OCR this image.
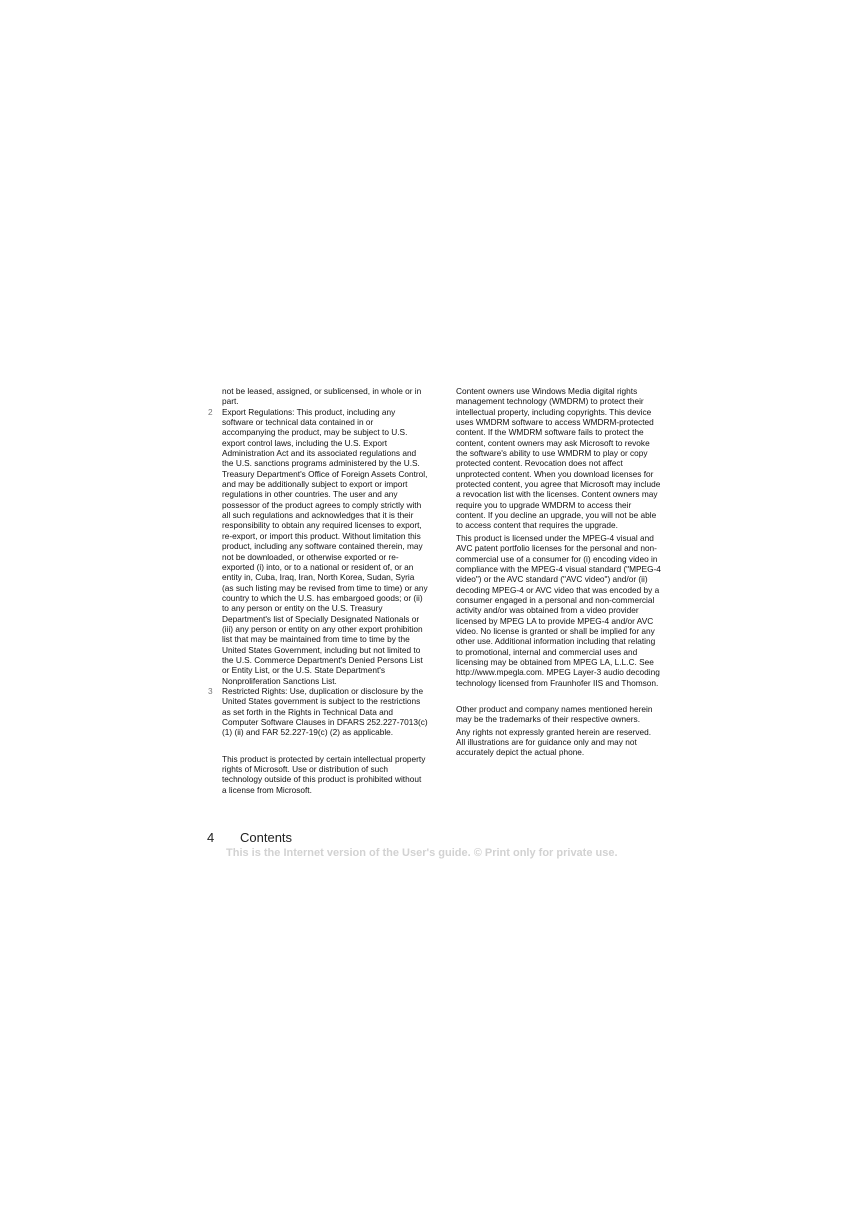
not be leased, assigned, or sublicensed, in whole or in part.

2 Export Regulations: This product, including any software or technical data contained in or accompanying the product, may be subject to U.S. export control laws, including the U.S. Export Administration Act and its associated regulations and the U.S. sanctions programs administered by the U.S. Treasury Department's Office of Foreign Assets Control, and may be additionally subject to export or import regulations in other countries. The user and any possessor of the product agrees to comply strictly with all such regulations and acknowledges that it is their responsibility to obtain any required licenses to export, re-export, or import this product. Without limitation this product, including any software contained therein, may not be downloaded, or otherwise exported or re-exported (i) into, or to a national or resident of, or an entity in, Cuba, Iraq, Iran, North Korea, Sudan, Syria (as such listing may be revised from time to time) or any country to which the U.S. has embargoed goods; or (ii) to any person or entity on the U.S. Treasury Department's list of Specially Designated Nationals or (iii) any person or entity on any other export prohibition list that may be maintained from time to time by the United States Government, including but not limited to the U.S. Commerce Department's Denied Persons List or Entity List, or the U.S. State Department's Nonproliferation Sanctions List.

3 Restricted Rights: Use, duplication or disclosure by the United States government is subject to the restrictions as set forth in the Rights in Technical Data and Computer Software Clauses in DFARS 252.227-7013(c) (1) (ii) and FAR 52.227-19(c) (2) as applicable.

This product is protected by certain intellectual property rights of Microsoft. Use or distribution of such technology outside of this product is prohibited without a license from Microsoft.

Content owners use Windows Media digital rights management technology (WMDRM) to protect their intellectual property, including copyrights. This device uses WMDRM software to access WMDRM-protected content. If the WMDRM software fails to protect the content, content owners may ask Microsoft to revoke the software's ability to use WMDRM to play or copy protected content. Revocation does not affect unprotected content. When you download licenses for protected content, you agree that Microsoft may include a revocation list with the licenses. Content owners may require you to upgrade WMDRM to access their content. If you decline an upgrade, you will not be able to access content that requires the upgrade.

This product is licensed under the MPEG-4 visual and AVC patent portfolio licenses for the personal and non-commercial use of a consumer for (i) encoding video in compliance with the MPEG-4 visual standard ("MPEG-4 video") or the AVC standard ("AVC video") and/or (ii) decoding MPEG-4 or AVC video that was encoded by a consumer engaged in a personal and non-commercial activity and/or was obtained from a video provider licensed by MPEG LA to provide MPEG-4 and/or AVC video. No license is granted or shall be implied for any other use. Additional information including that relating to promotional, internal and commercial uses and licensing may be obtained from MPEG LA, L.L.C. See http://www.mpegla.com. MPEG Layer-3 audio decoding technology licensed from Fraunhofer IIS and Thomson.

Other product and company names mentioned herein may be the trademarks of their respective owners.

Any rights not expressly granted herein are reserved.

All illustrations are for guidance only and may not accurately depict the actual phone.

4 Contents
This is the Internet version of the User's guide. © Print only for private use.
